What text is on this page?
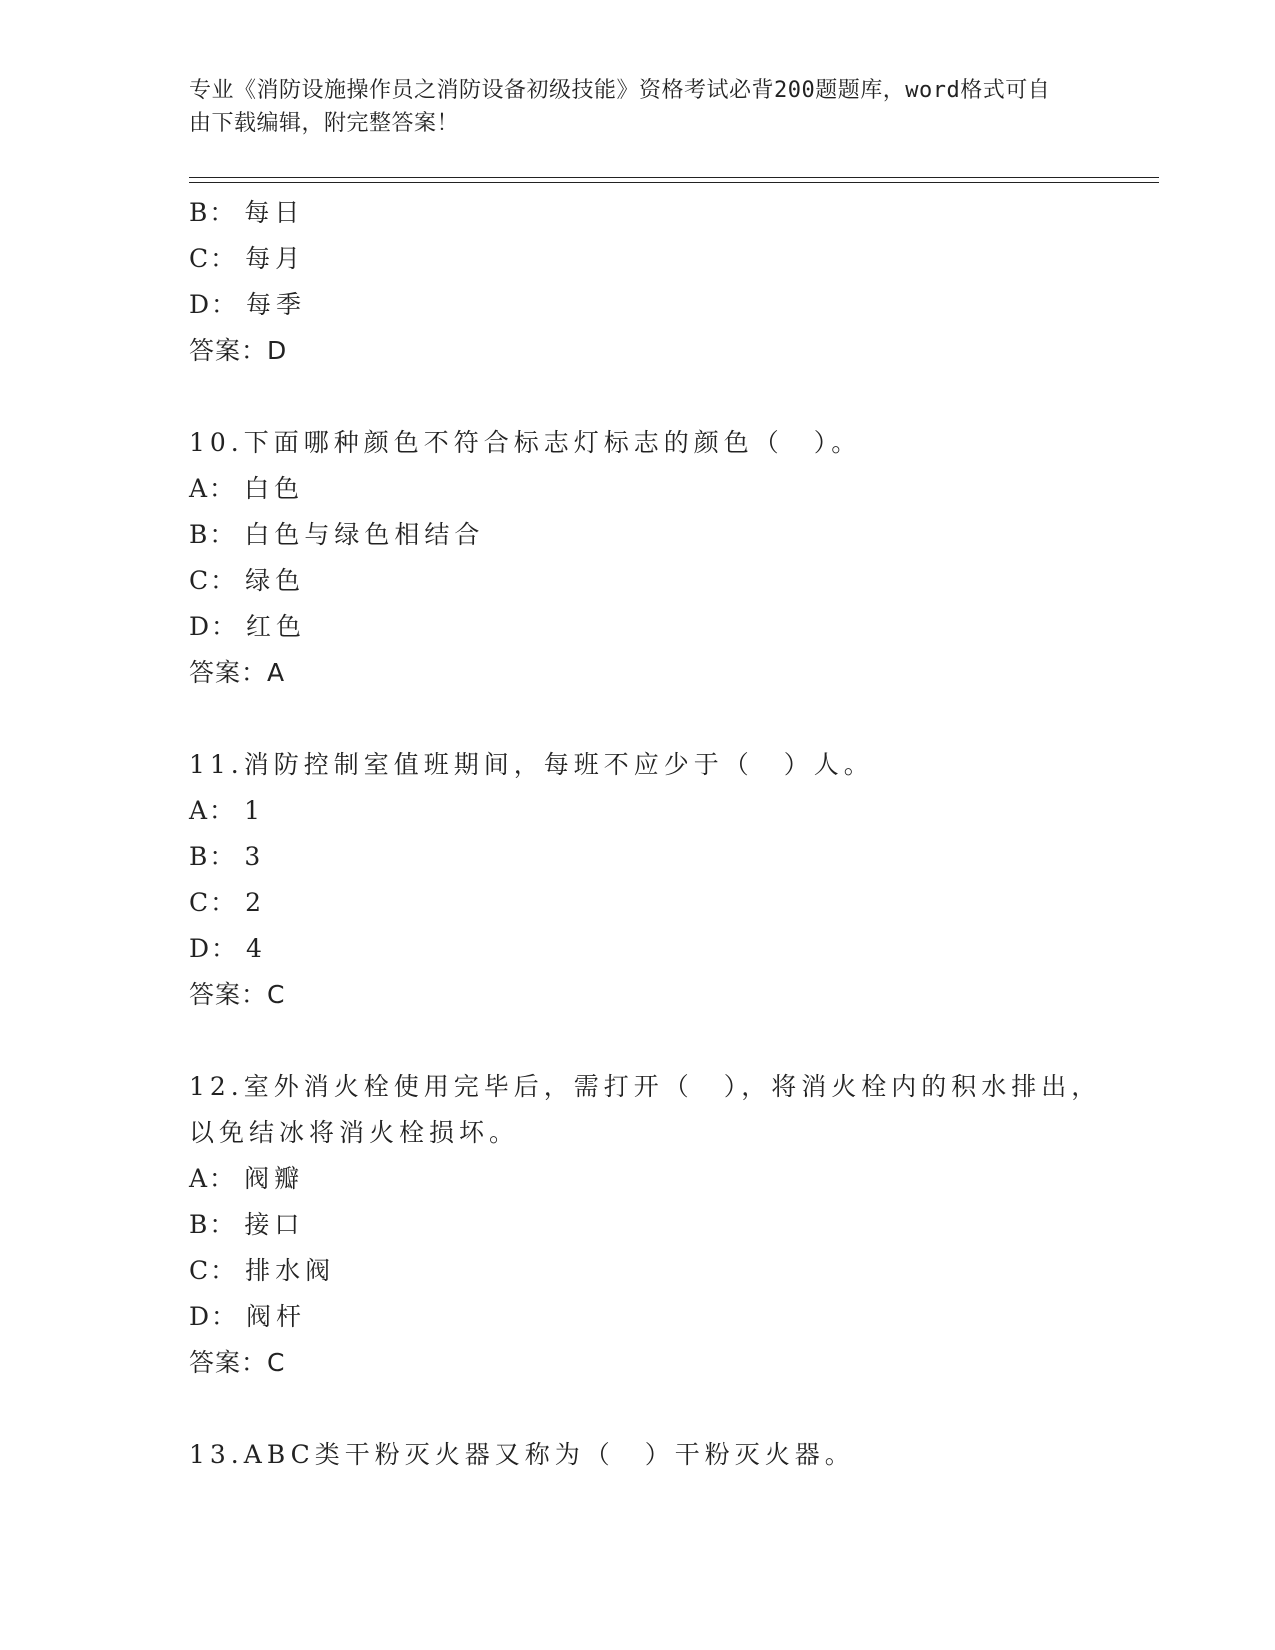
专业《消防设施操作员之消防设备初级技能》资格考试必背200题题库，word格式可自由下载编辑，附完整答案！
B： 每日
C： 每月
D： 每季
答案：D
10.下面哪种颜色不符合标志灯标志的颜色（　）。
A： 白色
B： 白色与绿色相结合
C： 绿色
D： 红色
答案：A
11.消防控制室值班期间，每班不应少于（　）人。
A： 1
B： 3
C： 2
D： 4
答案：C
12.室外消火栓使用完毕后，需打开（　），将消火栓内的积水排出，
以免结冰将消火栓损坏。
A： 阀瓣
B： 接口
C： 排水阀
D： 阀杆
答案：C
13.ABC类干粉灭火器又称为（　）干粉灭火器。
